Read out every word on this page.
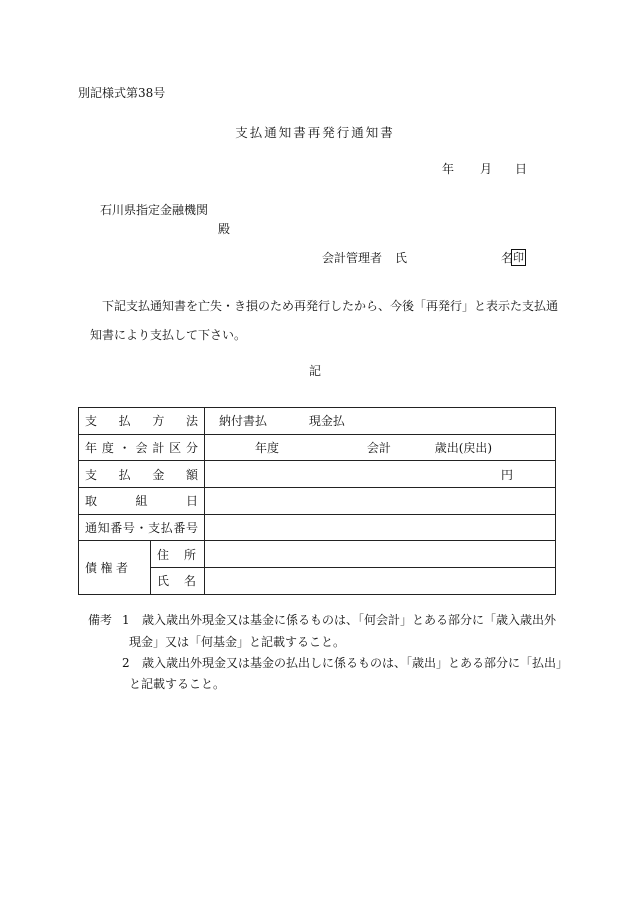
別記様式第38号
支払通知書再発行通知書
年 月 日
石川県指定金融機関
殿
会計管理者 氏	名 印
下記支払通知書を亡失・き損のため再発行したから、今後「再発行」と表示た支払通
知書により支払して下さい。
記
支払方法		納付書払 現金払
年度・会計区分		年度 会計 歳出(戻出)
支払金額		円
取組日		
通知番号・支払番号		
債権者	住所	
	氏名	
備考 1 歳入歳出外現金又は基金に係るものは、「何会計」とある部分に「歳入歳出外
現金」又は「何基金」と記載すること。
2 歳入歳出外現金又は基金の払出しに係るものは、「歳出」とある部分に「払出」
と記載すること。
